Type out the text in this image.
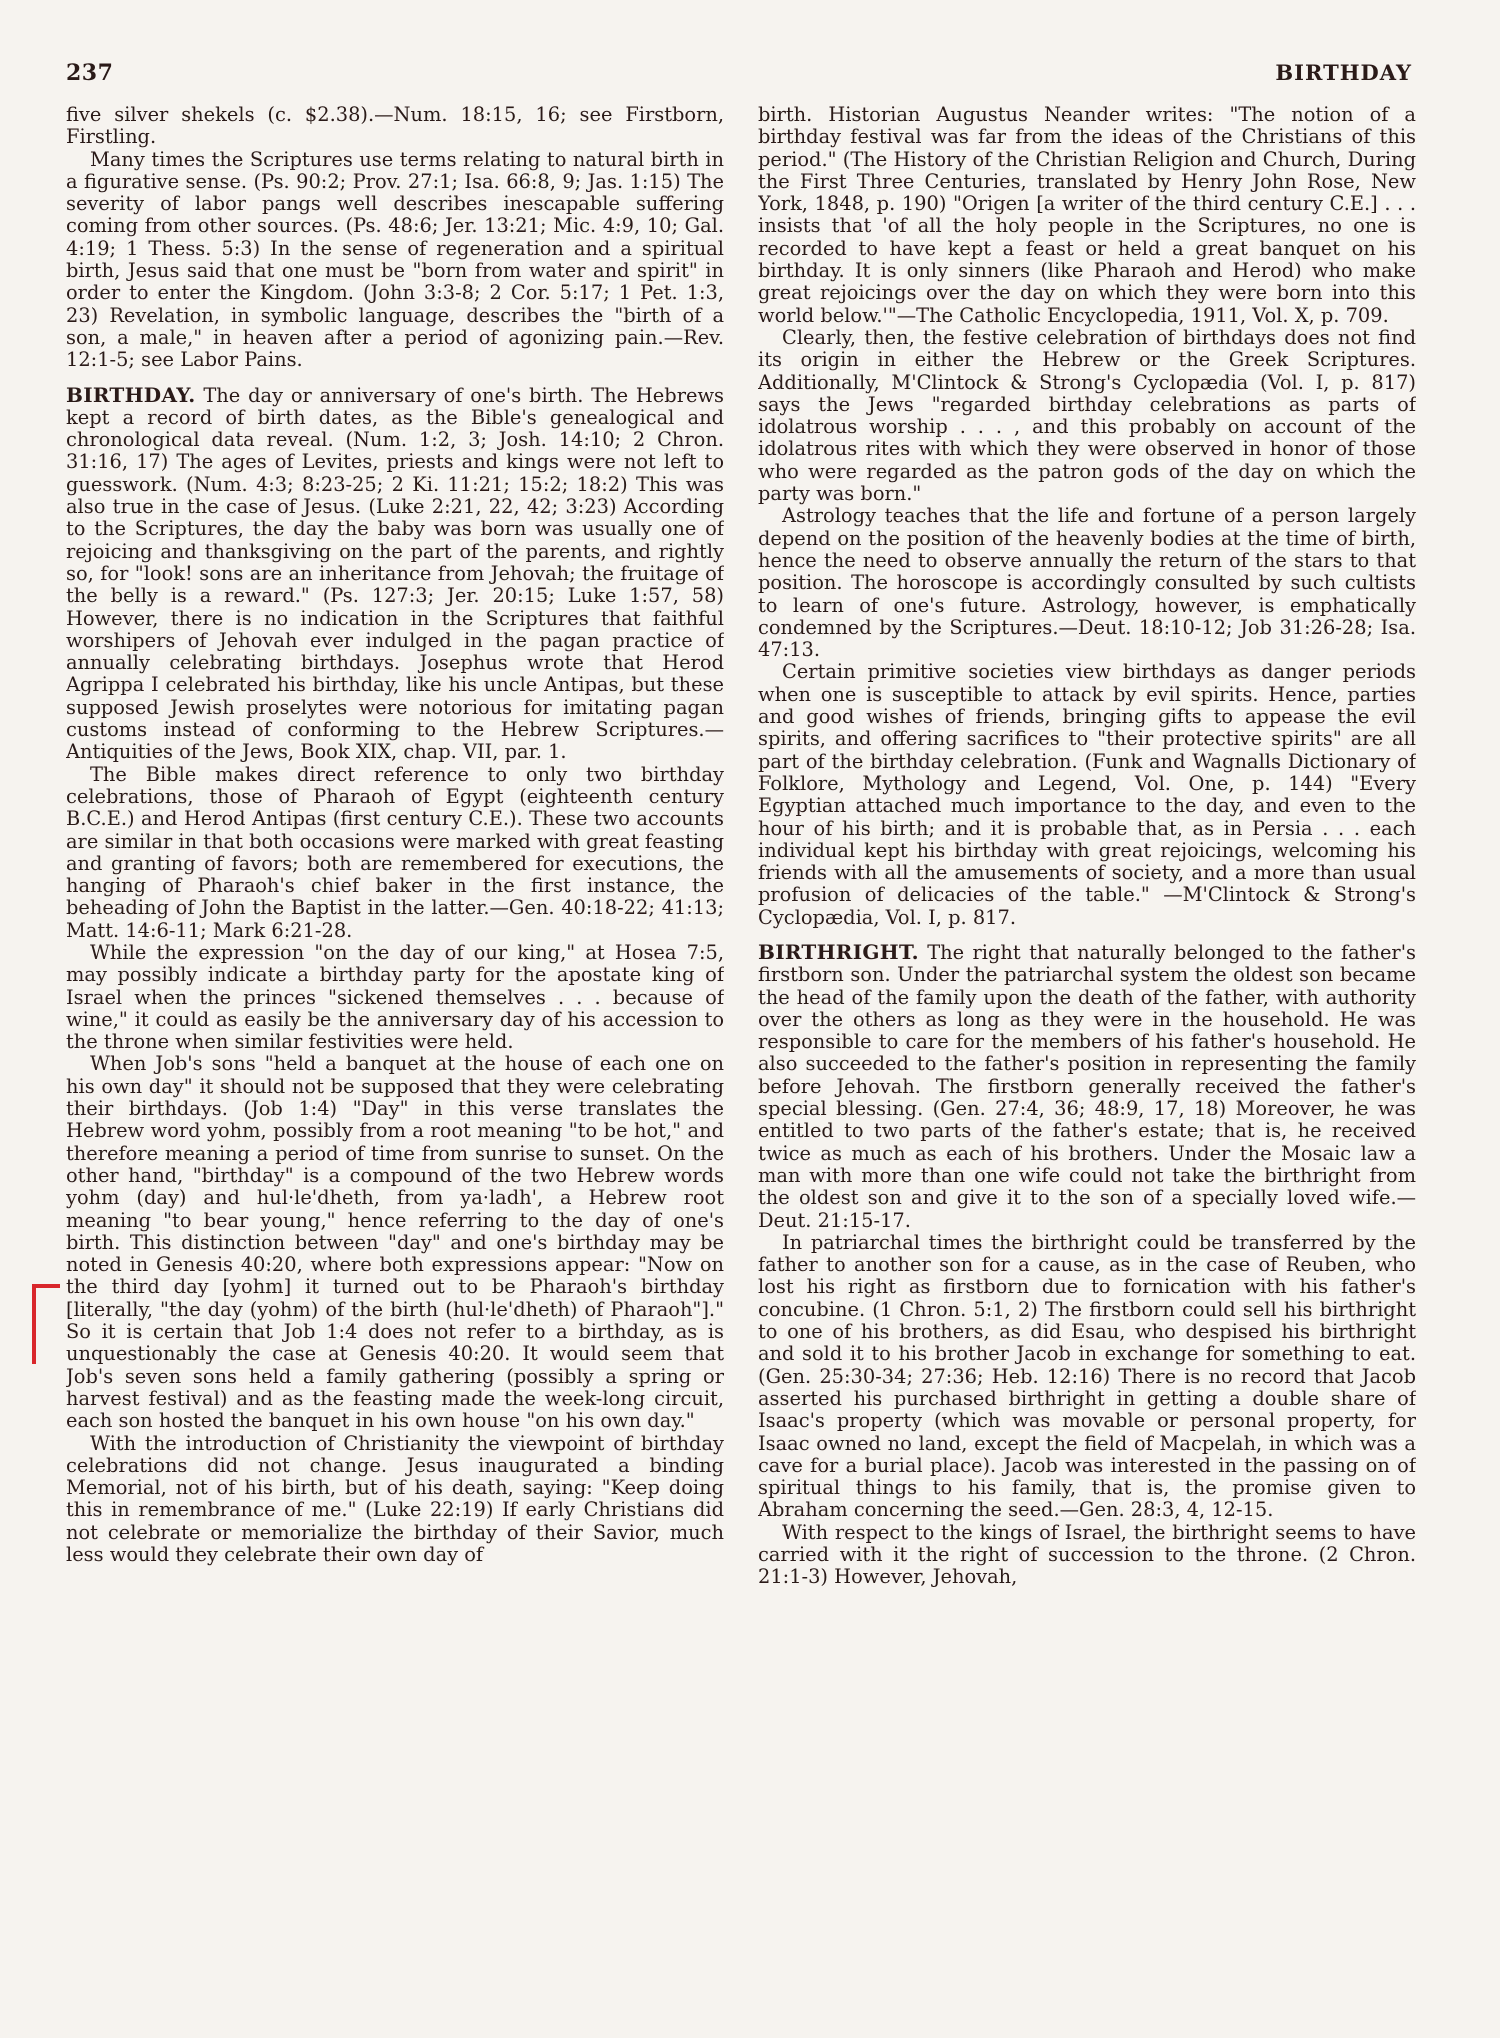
237	BIRTHDAY

five silver shekels (c. $2.38).—Num. 18:15, 16; see Firstborn, Firstling.

Many times the Scriptures use terms relating to natural birth in a figurative sense. (Ps. 90:2; Prov. 27:1; Isa. 66:8, 9; Jas. 1:15) The severity of labor pangs well describes inescapable suffering coming from other sources. (Ps. 48:6; Jer. 13:21; Mic. 4:9, 10; Gal. 4:19; 1 Thess. 5:3) In the sense of regeneration and a spiritual birth, Jesus said that one must be "born from water and spirit" in order to enter the Kingdom. (John 3:3-8; 2 Cor. 5:17; 1 Pet. 1:3, 23) Revelation, in symbolic language, describes the "birth of a son, a male," in heaven after a period of agonizing pain.—Rev. 12:1-5; see Labor Pains.

BIRTHDAY. The day or anniversary of one's birth. The Hebrews kept a record of birth dates, as the Bible's genealogical and chronological data reveal. (Num. 1:2, 3; Josh. 14:10; 2 Chron. 31:16, 17) The ages of Levites, priests and kings were not left to guesswork. (Num. 4:3; 8:23-25; 2 Ki. 11:21; 15:2; 18:2) This was also true in the case of Jesus. (Luke 2:21, 22, 42; 3:23) According to the Scriptures, the day the baby was born was usually one of rejoicing and thanksgiving on the part of the parents, and rightly so, for "look! sons are an inheritance from Jehovah; the fruitage of the belly is a reward." (Ps. 127:3; Jer. 20:15; Luke 1:57, 58) However, there is no indication in the Scriptures that faithful worshipers of Jehovah ever indulged in the pagan practice of annually celebrating birthdays. Josephus wrote that Herod Agrippa I celebrated his birthday, like his uncle Antipas, but these supposed Jewish proselytes were notorious for imitating pagan customs instead of conforming to the Hebrew Scriptures.—Antiquities of the Jews, Book XIX, chap. VII, par. 1.

The Bible makes direct reference to only two birthday celebrations, those of Pharaoh of Egypt (eighteenth century B.C.E.) and Herod Antipas (first century C.E.). These two accounts are similar in that both occasions were marked with great feasting and granting of favors; both are remembered for executions, the hanging of Pharaoh's chief baker in the first instance, the beheading of John the Baptist in the latter.—Gen. 40:18-22; 41:13; Matt. 14:6-11; Mark 6:21-28.

While the expression "on the day of our king," at Hosea 7:5, may possibly indicate a birthday party for the apostate king of Israel when the princes "sickened themselves . . . because of wine," it could as easily be the anniversary day of his accession to the throne when similar festivities were held.

When Job's sons "held a banquet at the house of each one on his own day" it should not be supposed that they were celebrating their birthdays. (Job 1:4) "Day" in this verse translates the Hebrew word yohm, possibly from a root meaning "to be hot," and therefore meaning a period of time from sunrise to sunset. On the other hand, "birthday" is a compound of the two Hebrew words yohm (day) and hul·le'dheth, from ya·ladh', a Hebrew root meaning "to bear young," hence referring to the day of one's birth. This distinction between "day" and one's birthday may be noted in Genesis 40:20, where both expressions appear: "Now on the third day [yohm] it turned out to be Pharaoh's birthday [literally, "the day (yohm) of the birth (hul·le'dheth) of Pharaoh"]." So it is certain that Job 1:4 does not refer to a birthday, as is unquestionably the case at Genesis 40:20. It would seem that Job's seven sons held a family gathering (possibly a spring or harvest festival) and as the feasting made the week-long circuit, each son hosted the banquet in his own house "on his own day."

With the introduction of Christianity the viewpoint of birthday celebrations did not change. Jesus inaugurated a binding Memorial, not of his birth, but of his death, saying: "Keep doing this in remembrance of me." (Luke 22:19) If early Christians did not celebrate or memorialize the birthday of their Savior, much less would they celebrate their own day of

birth. Historian Augustus Neander writes: "The notion of a birthday festival was far from the ideas of the Christians of this period." (The History of the Christian Religion and Church, During the First Three Centuries, translated by Henry John Rose, New York, 1848, p. 190) "Origen [a writer of the third century C.E.] . . . insists that 'of all the holy people in the Scriptures, no one is recorded to have kept a feast or held a great banquet on his birthday. It is only sinners (like Pharaoh and Herod) who make great rejoicings over the day on which they were born into this world below.'"—The Catholic Encyclopedia, 1911, Vol. X, p. 709.

Clearly, then, the festive celebration of birthdays does not find its origin in either the Hebrew or the Greek Scriptures. Additionally, M'Clintock & Strong's Cyclopædia (Vol. I, p. 817) says the Jews "regarded birthday celebrations as parts of idolatrous worship . . . , and this probably on account of the idolatrous rites with which they were observed in honor of those who were regarded as the patron gods of the day on which the party was born."

Astrology teaches that the life and fortune of a person largely depend on the position of the heavenly bodies at the time of birth, hence the need to observe annually the return of the stars to that position. The horoscope is accordingly consulted by such cultists to learn of one's future. Astrology, however, is emphatically condemned by the Scriptures.—Deut. 18:10-12; Job 31:26-28; Isa. 47:13.

Certain primitive societies view birthdays as danger periods when one is susceptible to attack by evil spirits. Hence, parties and good wishes of friends, bringing gifts to appease the evil spirits, and offering sacrifices to "their protective spirits" are all part of the birthday celebration. (Funk and Wagnalls Dictionary of Folklore, Mythology and Legend, Vol. One, p. 144) "Every Egyptian attached much importance to the day, and even to the hour of his birth; and it is probable that, as in Persia . . . each individual kept his birthday with great rejoicings, welcoming his friends with all the amusements of society, and a more than usual profusion of delicacies of the table." —M'Clintock & Strong's Cyclopædia, Vol. I, p. 817.

BIRTHRIGHT. The right that naturally belonged to the father's firstborn son. Under the patriarchal system the oldest son became the head of the family upon the death of the father, with authority over the others as long as they were in the household. He was responsible to care for the members of his father's household. He also succeeded to the father's position in representing the family before Jehovah. The firstborn generally received the father's special blessing. (Gen. 27:4, 36; 48:9, 17, 18) Moreover, he was entitled to two parts of the father's estate; that is, he received twice as much as each of his brothers. Under the Mosaic law a man with more than one wife could not take the birthright from the oldest son and give it to the son of a specially loved wife.—Deut. 21:15-17.

In patriarchal times the birthright could be transferred by the father to another son for a cause, as in the case of Reuben, who lost his right as firstborn due to fornication with his father's concubine. (1 Chron. 5:1, 2) The firstborn could sell his birthright to one of his brothers, as did Esau, who despised his birthright and sold it to his brother Jacob in exchange for something to eat. (Gen. 25:30-34; 27:36; Heb. 12:16) There is no record that Jacob asserted his purchased birthright in getting a double share of Isaac's property (which was movable or personal property, for Isaac owned no land, except the field of Macpelah, in which was a cave for a burial place). Jacob was interested in the passing on of spiritual things to his family, that is, the promise given to Abraham concerning the seed.—Gen. 28:3, 4, 12-15.

With respect to the kings of Israel, the birthright seems to have carried with it the right of succession to the throne. (2 Chron. 21:1-3) However, Jehovah,
